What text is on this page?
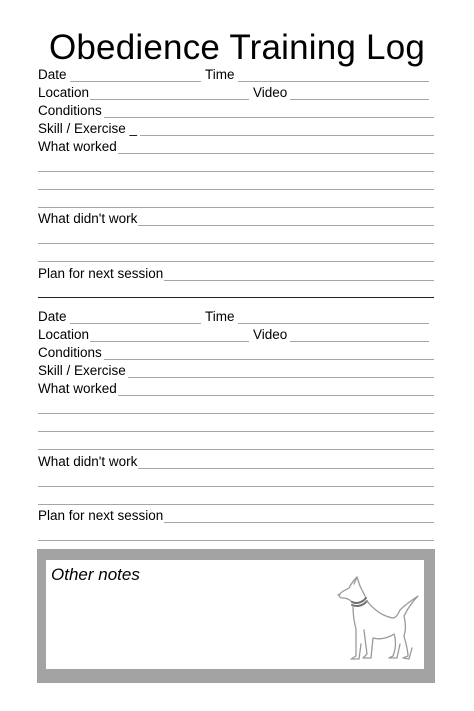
Obedience Training Log
Date	Time
Location	Video
Conditions
Skill / Exercise _
What worked
What didn't work
Plan for next session
Date	Time
Location	Video
Conditions
Skill / Exercise
What worked
What didn't work
Plan for next session
Other notes
